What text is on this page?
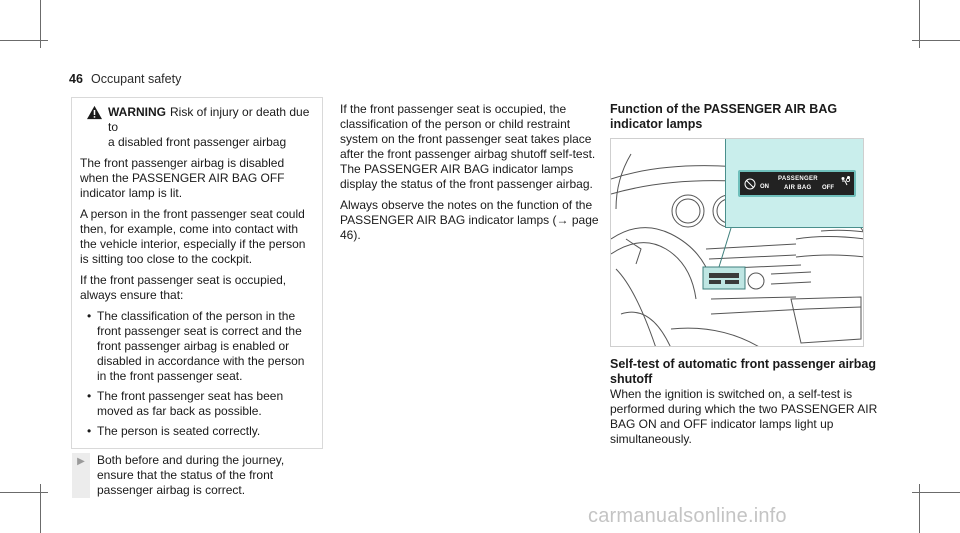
46 Occupant safety
WARNING Risk of injury or death due to
a disabled front passenger airbag

The front passenger airbag is disabled when the PASSENGER AIR BAG OFF indicator lamp is lit.

A person in the front passenger seat could then, for example, come into contact with the vehicle interior, especially if the person is sitting too close to the cockpit.

If the front passenger seat is occupied, always ensure that:

• The classification of the person in the front passenger seat is correct and the front passenger airbag is enabled or disabled in accordance with the person in the front passenger seat.
• The front passenger seat has been moved as far back as possible.
• The person is seated correctly.
▶	Both before and during the journey, ensure that the status of the front passenger airbag is correct.

If the front passenger seat is occupied, the classification of the person or child restraint system on the front passenger seat takes place after the front passenger airbag shutoff self-test. The PASSENGER AIR BAG indicator lamps display the status of the front passenger airbag.

Always observe the notes on the function of the PASSENGER AIR BAG indicator lamps (→ page 46).

Function of the PASSENGER AIR BAG indicator lamps
ON
PASSENGER
AIR BAG OFF
Self-test of automatic front passenger airbag shutoff

When the ignition is switched on, a self-test is performed during which the two PASSENGER AIR BAG ON and OFF indicator lamps light up simultaneously.

carmanualsonline.info
